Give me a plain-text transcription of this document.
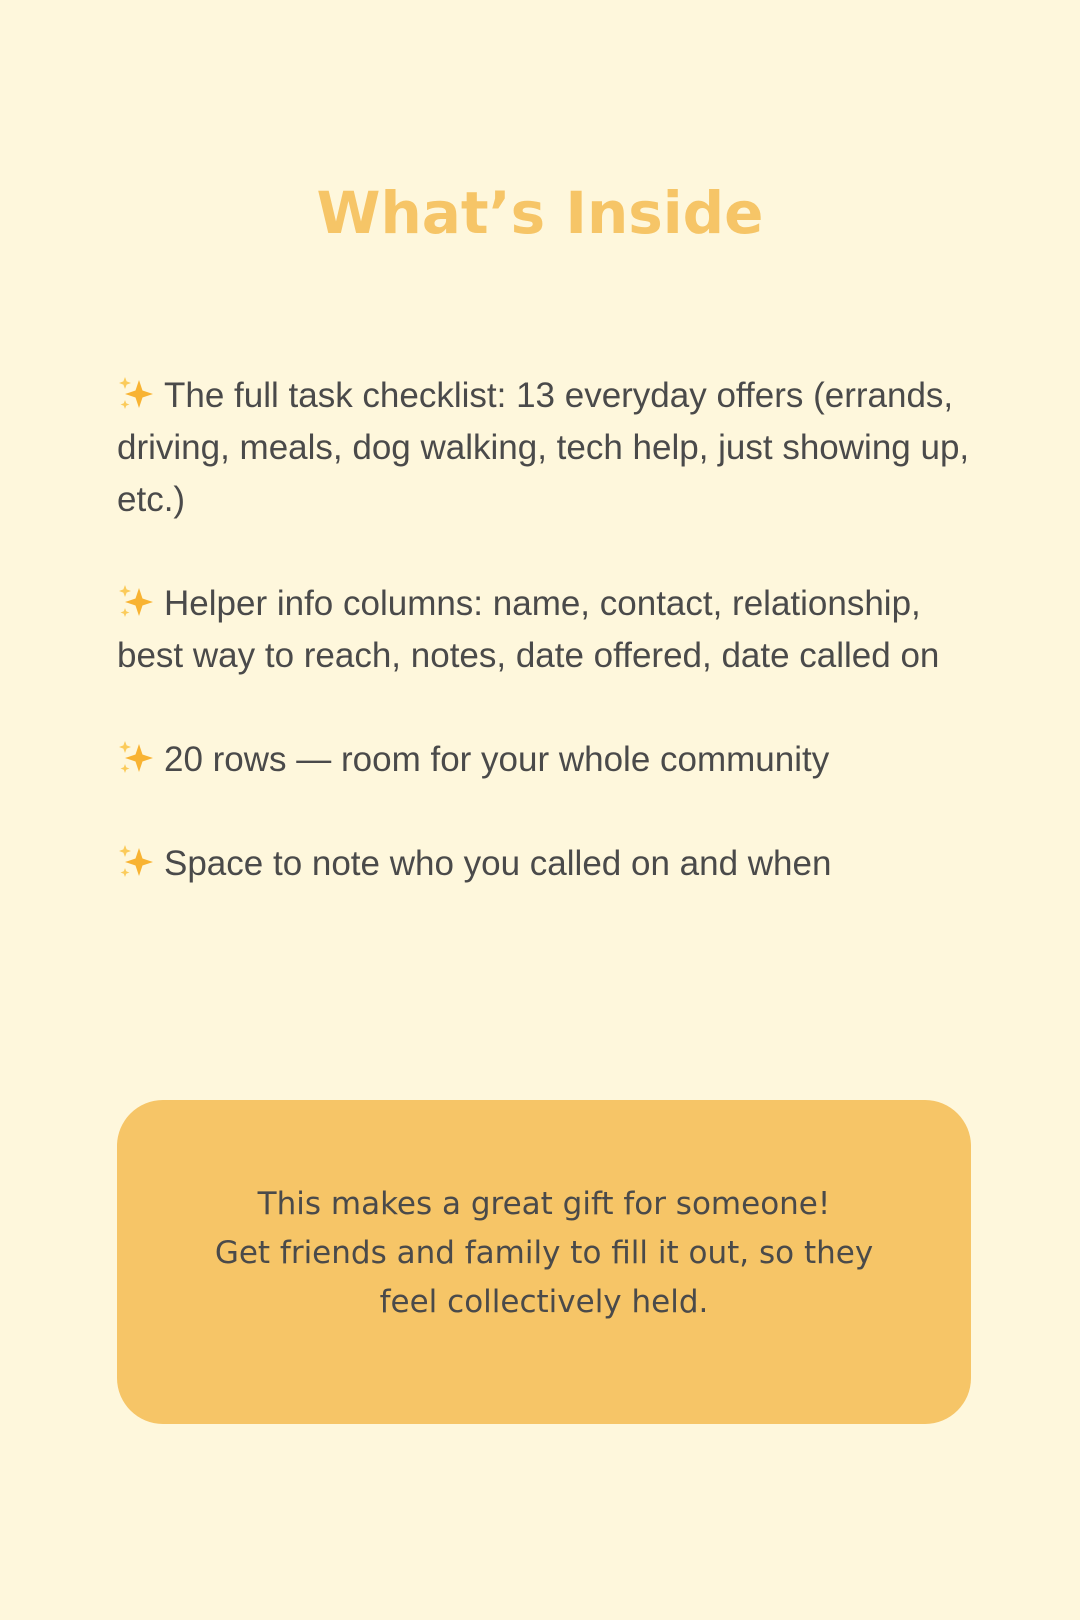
What’s Inside
The full task checklist: 13 everyday offers (errands, driving, meals, dog walking, tech help, just showing up, etc.)
Helper info columns: name, contact, relationship, best way to reach, notes, date offered, date called on
20 rows — room for your whole community
Space to note who you called on and when

This makes a great gift for someone!

Get friends and family to fill it out, so they

feel collectively held.
